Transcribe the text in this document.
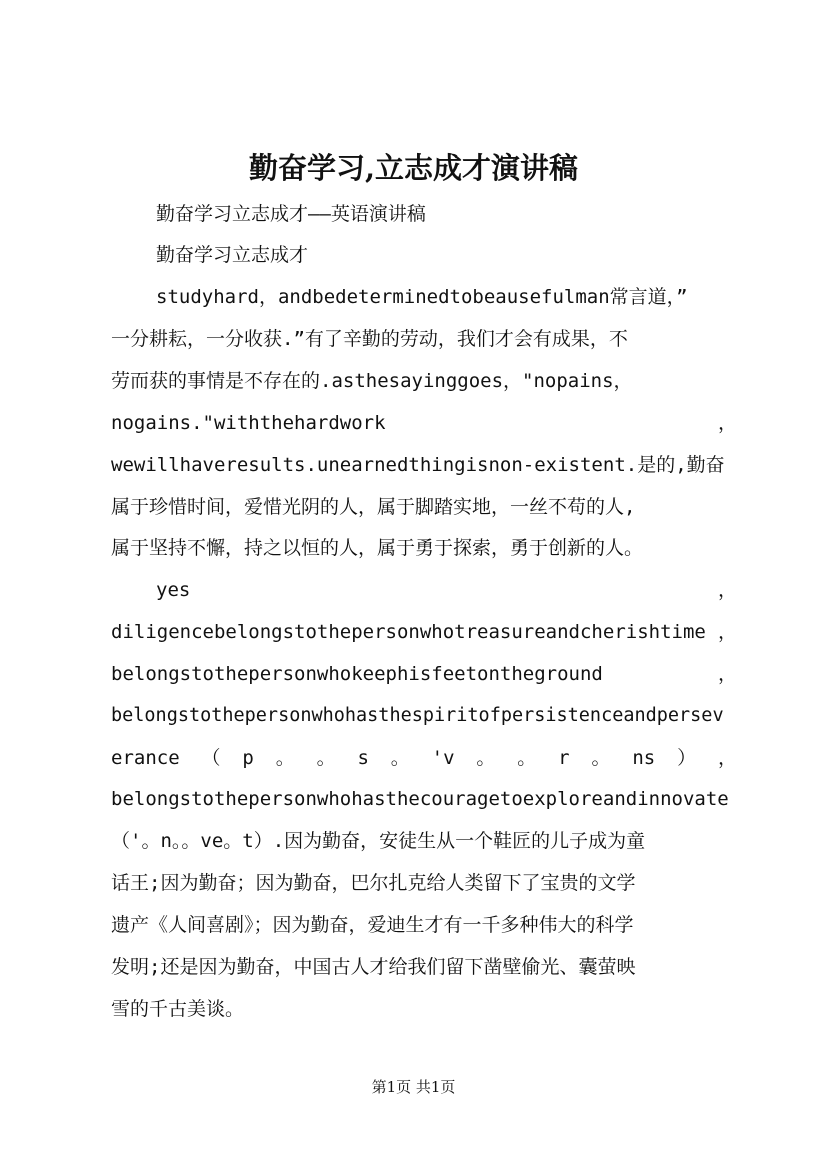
勤奋学习,立志成才演讲稿
勤奋学习立志成才——英语演讲稿
勤奋学习立志成才
studyhard，andbedeterminedtobeausefulman常言道，”
一分耕耘，一分收获.”有了辛勤的劳动，我们才会有成果，不
劳而获的事情是不存在的.asthesayinggoes，"nopains，
nogains."withthehardwork	，
wewillhaveresults.unearnedthingisnon-existent.是的,勤奋
属于珍惜时间，爱惜光阴的人，属于脚踏实地，一丝不苟的人,
属于坚持不懈，持之以恒的人，属于勇于探索，勇于创新的人。
yes	，
diligencebelongstothepersonwhotreasureandcherishtime ，
belongstothepersonwhokeephisfeetontheground	，
belongstothepersonwhohasthespiritofpersistenceandpersev
erance （ p 。 。 s 。 'v 。 。 r 。 ns ） ，
belongstothepersonwhohasthecouragetoexploreandinnovate
（'。n。。ve。t）.因为勤奋，安徒生从一个鞋匠的儿子成为童
话王;因为勤奋；因为勤奋，巴尔扎克给人类留下了宝贵的文学
遗产《人间喜剧》；因为勤奋，爱迪生才有一千多种伟大的科学
发明;还是因为勤奋，中国古人才给我们留下凿壁偷光、囊萤映
雪的千古美谈。
第1页 共1页
